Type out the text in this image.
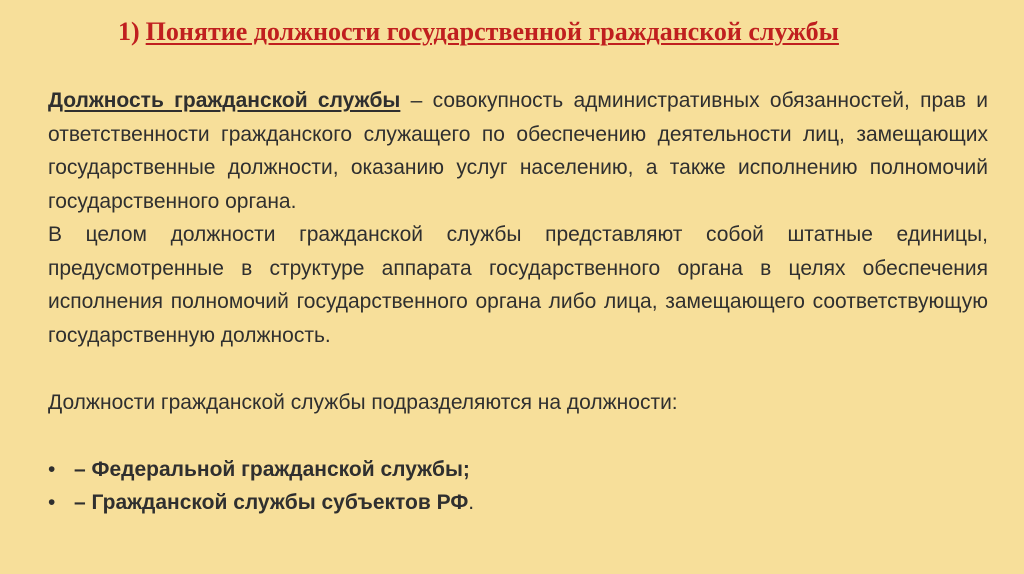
1) Понятие должности государственной гражданской службы

Должность гражданской службы – совокупность административных обязанностей, прав и ответственности гражданского служащего по обеспечению деятельности лиц, замещающих государственные должности, оказанию услуг населению, а также исполнению полномочий государственного органа.

В целом должности гражданской службы представляют собой штатные единицы, предусмотренные в структуре аппарата государственного органа в целях обеспечения исполнения полномочий государственного органа либо лица, замещающего соответствующую государственную должность.

Должности гражданской службы подразделяются на должности:

• – Федеральной гражданской службы;
• – Гражданской службы субъектов РФ.
